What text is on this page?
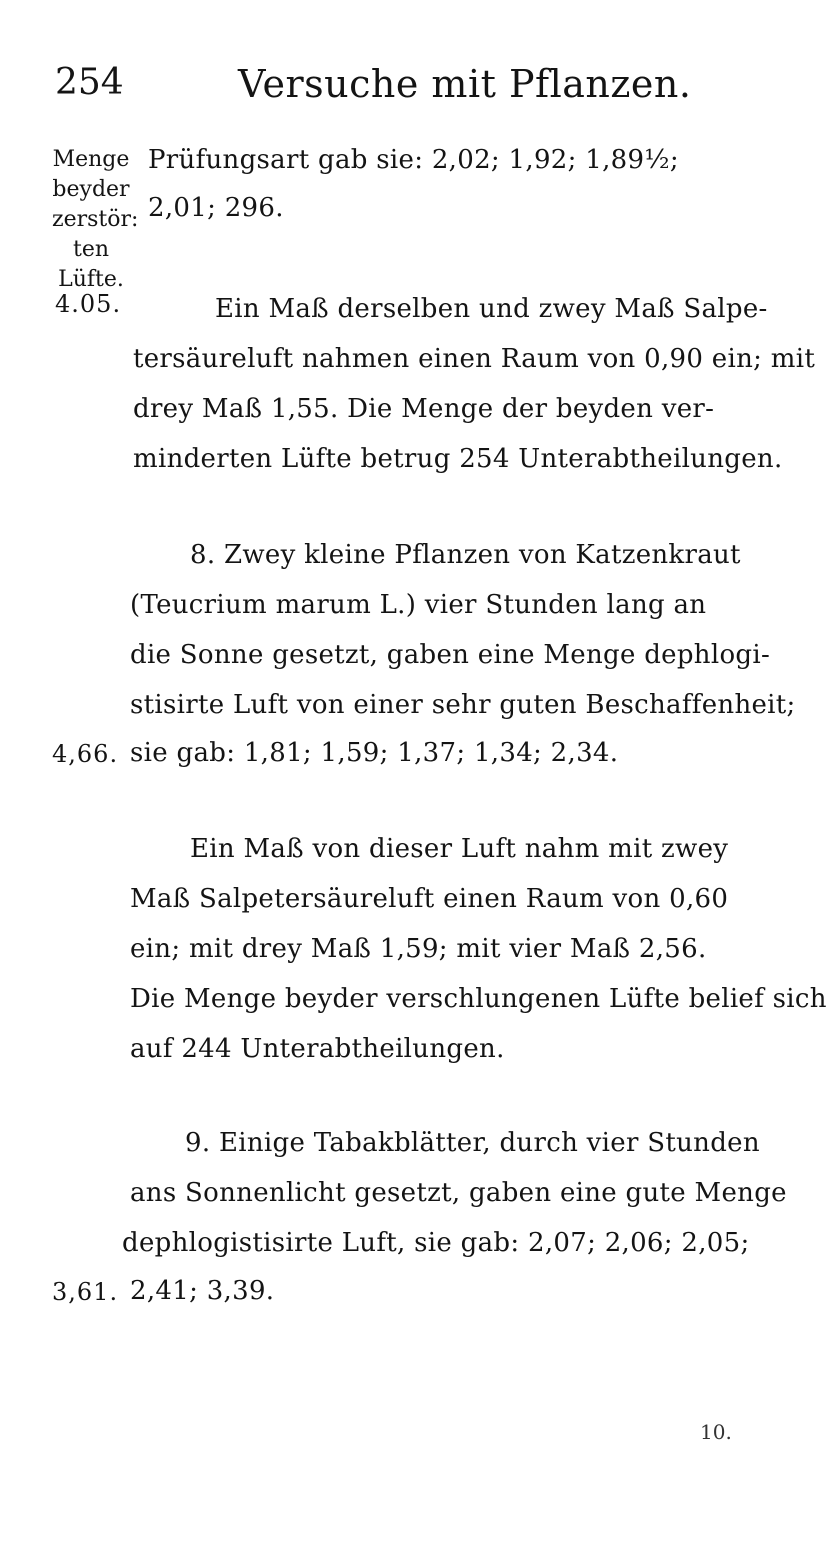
254	Versuche mit Pflanzen.
Menge
beyder
zerstör:
ten
Lüfte.
4.05.
Prüfungsart gab sie: 2,02; 1,92; 1,89½;
2,01; 296.
Ein Maß derselben und zwey Maß Salpe-
tersäureluft nahmen einen Raum von 0,90 ein; mit
drey Maß 1,55. Die Menge der beyden ver-
minderten Lüfte betrug 254 Unterabtheilungen.
8. Zwey kleine Pflanzen von Katzenkraut
(Teucrium marum L.) vier Stunden lang an
die Sonne gesetzt, gaben eine Menge dephlogi-
stisirte Luft von einer sehr guten Beschaffenheit;
4,66. sie gab: 1,81; 1,59; 1,37; 1,34; 2,34.
Ein Maß von dieser Luft nahm mit zwey
Maß Salpetersäureluft einen Raum von 0,60
ein; mit drey Maß 1,59; mit vier Maß 2,56.
Die Menge beyder verschlungenen Lüfte belief sich
auf 244 Unterabtheilungen.
9. Einige Tabakblätter, durch vier Stunden
ans Sonnenlicht gesetzt, gaben eine gute Menge
dephlogistisirte Luft, sie gab: 2,07; 2,06; 2,05;
3,61. 2,41; 3,39.
10.
